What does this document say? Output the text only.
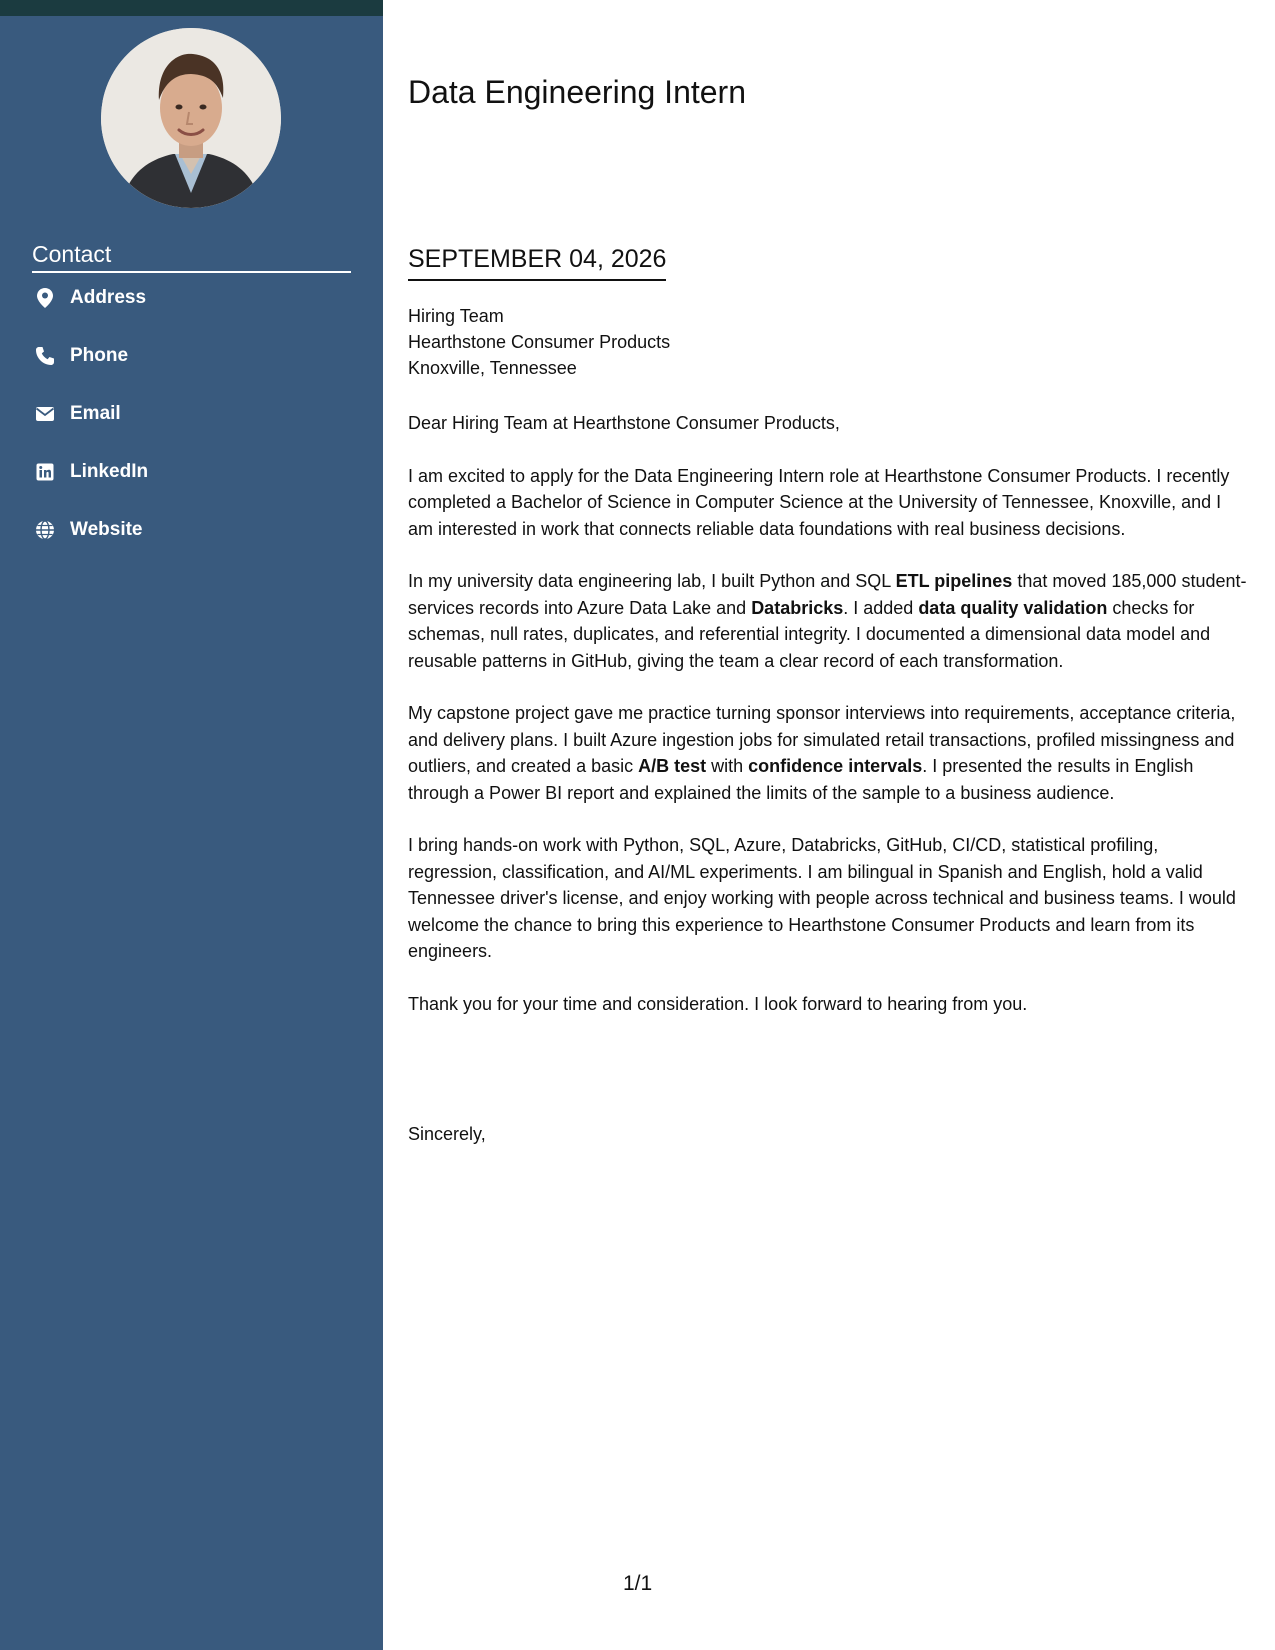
Contact
Address
Phone
Email
LinkedIn
Website
Data Engineering Intern
SEPTEMBER 04, 2026
Hiring Team
Hearthstone Consumer Products
Knoxville, Tennessee

Dear Hiring Team at Hearthstone Consumer Products,

I am excited to apply for the Data Engineering Intern role at Hearthstone Consumer Products. I recently completed a Bachelor of Science in Computer Science at the University of Tennessee, Knoxville, and I am interested in work that connects reliable data foundations with real business decisions.

In my university data engineering lab, I built Python and SQL ETL pipelines that moved 185,000 student-services records into Azure Data Lake and Databricks. I added data quality validation checks for schemas, null rates, duplicates, and referential integrity. I documented a dimensional data model and reusable patterns in GitHub, giving the team a clear record of each transformation.

My capstone project gave me practice turning sponsor interviews into requirements, acceptance criteria, and delivery plans. I built Azure ingestion jobs for simulated retail transactions, profiled missingness and outliers, and created a basic A/B test with confidence intervals. I presented the results in English through a Power BI report and explained the limits of the sample to a business audience.

I bring hands-on work with Python, SQL, Azure, Databricks, GitHub, CI/CD, statistical profiling, regression, classification, and AI/ML experiments. I am bilingual in Spanish and English, hold a valid Tennessee driver's license, and enjoy working with people across technical and business teams. I would welcome the chance to bring this experience to Hearthstone Consumer Products and learn from its engineers.

Thank you for your time and consideration. I look forward to hearing from you.

Sincerely,
1/1
